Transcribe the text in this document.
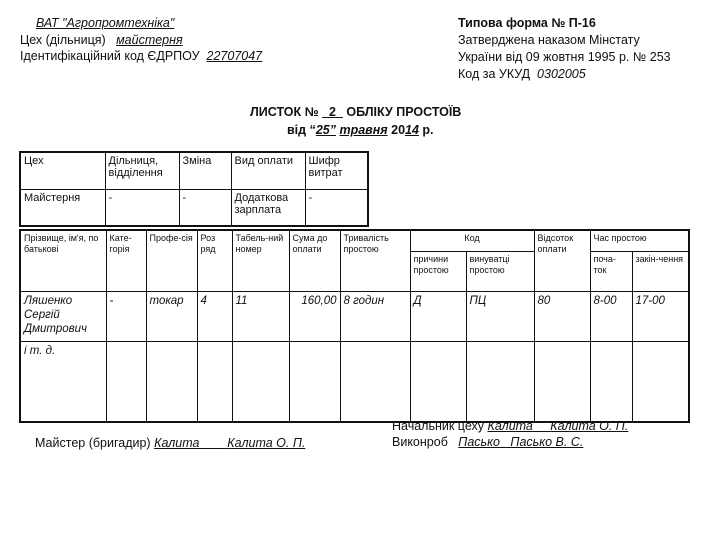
ВАТ "Агропромтехніка"
Цех (дільниця) майстерня
Ідентифікаційний код ЄДРПОУ 22707047
Типова форма № П-16
Затверджена наказом Мінстату
України від 09 жовтня 1995 р. № 253
Код за УКУД 0302005
ЛИСТОК № 2 ОБЛІКУ ПРОСТОЇВ
від “25” травня 2014 р.
Цех	Дільниця, відділення	Зміна	Вид оплати	Шифр витрат
Майстерня	-	-	Додаткова зарплата	-
Прізвище, ім'я, по батькові	Кате-горія	Профе-сія	Роз ряд	Табель-ний номер	Сума до оплати	Тривалість простою	Код		Відсоток оплати	Час простою	
							причини простою	винуватці простою		поча-ток	закін-чення
Ляшенко Сергій Дмитрович	-	токар	4	11	160,00	8 годин	Д	ПЦ	80	8-00	17-00
і т. д.											
Майстер (бригадир) Калита Калита О. П.
Начальник цеху Калита Калита О. П.
Виконроб Пасько Пасько В. С.
